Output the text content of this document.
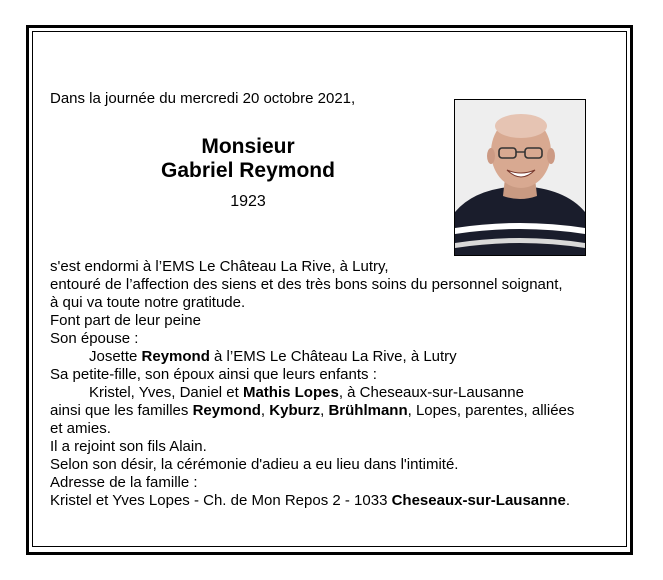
Dans la journée du mercredi 20 octobre 2021,
Monsieur
Gabriel Reymond
1923
s'est endormi à l’EMS Le Château La Rive, à Lutry,
entouré de l’affection des siens et des très bons soins du personnel soignant,
à qui va toute notre gratitude.
Font part de leur peine
Son épouse :
Josette Reymond à l’EMS Le Château La Rive, à Lutry
Sa petite-fille, son époux ainsi que leurs enfants :
Kristel, Yves, Daniel et Mathis Lopes, à Cheseaux-sur-Lausanne
ainsi que les familles Reymond, Kyburz, Brühlmann, Lopes, parentes, alliées
et amies.
Il a rejoint son fils Alain.
Selon son désir, la cérémonie d'adieu a eu lieu dans l'intimité.
Adresse de la famille :
Kristel et Yves Lopes - Ch. de Mon Repos 2 - 1033 Cheseaux-sur-Lausanne.
